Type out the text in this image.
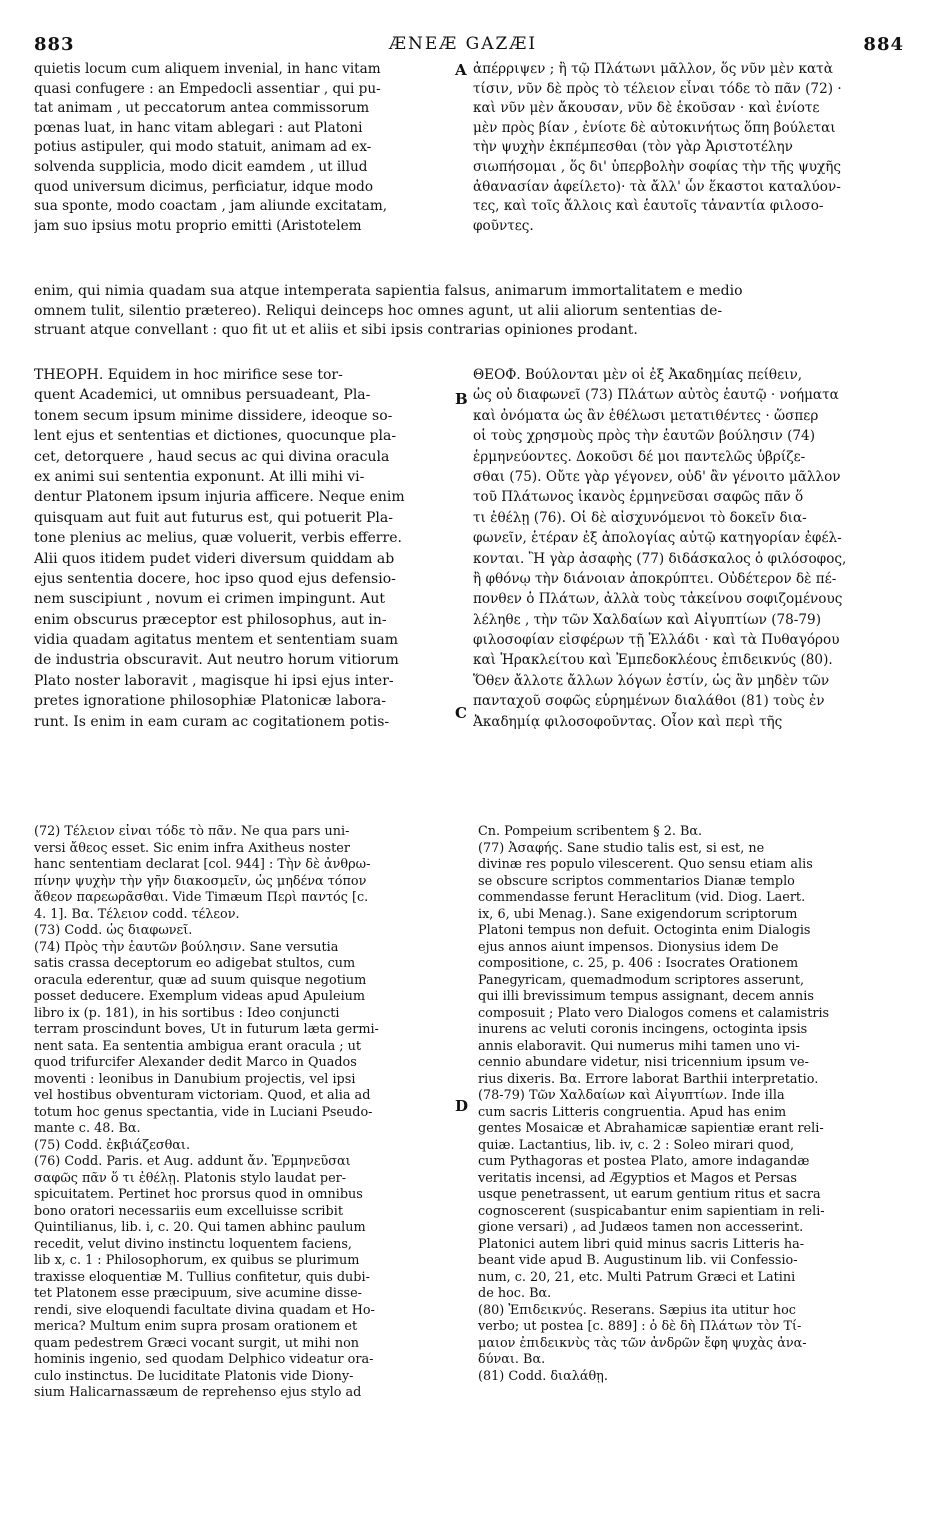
ÆNEÆ GAZÆI
883	884
quietis locum cum aliquem invenial, in hanc vitam
quasi confugere : an Empedocli assentiar , qui pu-
tat animam , ut peccatorum antea commissorum
pœnas luat, in hanc vitam ablegari : aut Platoni
potius astipuler, qui modo statuit, animam ad ex-
solvenda supplicia, modo dicit eamdem , ut illud
quod universum dicimus, perficiatur, idque modo
sua sponte, modo coactam , jam aliunde excitatam,
jam suo ipsius motu proprio emitti (Aristotelem
A ἀπέρριψεν ; ἢ τῷ Πλάτωνι μᾶλλον, ὅς νῦν μὲν κατὰ
τίσιν, νῦν δὲ πρὸς τὸ τέλειον εἶναι τόδε τὸ πᾶν (72) ·
καὶ νῦν μὲν ἄκουσαν, νῦν δὲ ἑκοῦσαν · καὶ ἐνίοτε
μὲν πρὸς βίαν , ἐνίοτε δὲ αὐτοκινήτως ὅπη βούλεται
τὴν ψυχὴν ἐκπέμπεσθαι (τὸν γὰρ Ἀριστοτέλην
σιωπήσομαι , ὅς δι' ὑπερβολὴν σοφίας τὴν τῆς ψυχῆς
ἀθανασίαν ἀφείλετο)· τὰ ἄλλ' ὧν ἕκαστοι καταλύον-
τες, καὶ τοῖς ἄλλοις καὶ ἑαυτοῖς τἀναντία φιλοσο-
φοῦντες.
enim, qui nimia quadam sua atque intemperata sapientia falsus, animarum immortalitatem e medio
omnem tulit, silentio prætereo). Reliqui deinceps hoc omnes agunt, ut alii aliorum sententias de-
struant atque convellant : quo fit ut et aliis et sibi ipsis contrarias opiniones prodant.
THEOPH. Equidem in hoc mirifice sese tor-
quent Academici, ut omnibus persuadeant, Pla-
tonem secum ipsum minime dissidere, ideoque so-
lent ejus et sententias et dictiones, quocunque pla-
cet, detorquere , haud secus ac qui divina oracula
ex animi sui sententia exponunt. At illi mihi vi-
dentur Platonem ipsum injuria afficere. Neque enim
quisquam aut fuit aut futurus est, qui potuerit Pla-
tone plenius ac melius, quæ voluerit, verbis efferre.
Alii quos itidem pudet videri diversum quiddam ab
ejus sententia docere, hoc ipso quod ejus defensio-
nem suscipiunt , novum ei crimen impingunt. Aut
enim obscurus præceptor est philosophus, aut in-
vidia quadam agitatus mentem et sententiam suam
de industria obscuravit. Aut neutro horum vitiorum
Plato noster laboravit , magisque hi ipsi ejus inter-
pretes ignoratione philosophiæ Platonicæ labora-
runt. Is enim in eam curam ac cogitationem potis-
B
ΘΕΟΦ. Βούλονται μὲν οἱ ἐξ Ἀκαδημίας πείθειν,
ὡς οὐ διαφωνεῖ (73) Πλάτων αὐτὸς ἑαυτῷ · νοήματα
καὶ ὀνόματα ὡς ἂν ἐθέλωσι μετατιθέντες · ὥσπερ
οἱ τοὺς χρησμοὺς πρὸς τὴν ἑαυτῶν βούλησιν (74)
ἑρμηνεύοντες. Δοκοῦσι δέ μοι παντελῶς ὑβρίζε-
σθαι (75). Οὔτε γὰρ γέγονεν, οὐδ' ἂν γένοιτο μᾶλλον
τοῦ Πλάτωνος ἱκανὸς ἑρμηνεῦσαι σαφῶς πᾶν ὅ
τι ἐθέλῃ (76). Οἱ δὲ αἰσχυνόμενοι τὸ δοκεῖν δια-
φωνεῖν, ἑτέραν ἐξ ἀπολογίας αὐτῷ κατηγορίαν ἐφέλ-
κονται. Ἢ γὰρ ἀσαφὴς (77) διδάσκαλος ὁ φιλόσοφος,
ἢ φθόνῳ τὴν διάνοιαν ἀποκρύπτει. Οὐδέτερον δὲ πέ-
πονθεν ὁ Πλάτων, ἀλλὰ τοὺς τἀκείνου σοφιζομένους
λέληθε , τὴν τῶν Χαλδαίων καὶ Αἰγυπτίων (78-79)
φιλοσοφίαν εἰσφέρων τῇ Ἑλλάδι · καὶ τὰ Πυθαγόρου
καὶ Ἡρακλείτου καὶ Ἐμπεδοκλέους ἐπιδεικνύς (80).
Ὅθεν ἄλλοτε ἄλλων λόγων ἐστίν, ὡς ἂν μηδὲν τῶν
πανταχοῦ σοφῶς εὑρημένων διαλάθοι (81) τοὺς ἐν
Ἀκαδημίᾳ φιλοσοφοῦντας. Οἷον καὶ περὶ τῆς
C
(72) Τέλειον εἶναι τόδε τὸ πᾶν. Ne qua pars uni-
versi ἄθεος esset. Sic enim infra Axitheus noster
hanc sententiam declarat [col. 944] : Τὴν δὲ ἀνθρω-
πίνην ψυχὴν τὴν γῆν διακοσμεῖν, ὡς μηδένα τόπον
ἄθεον παρεωρᾶσθαι. Vide Timæum Περὶ παντός [c.
4. 1]. Βα. Τέλειον codd. τέλεον.
(73) Codd. ὡς διαφωνεῖ.
(74) Πρὸς τὴν ἑαυτῶν βούλησιν. Sane versutia
satis crassa deceptorum eo adigebat stultos, cum
oracula ederentur, quæ ad suum quisque negotium
posset deducere. Exemplum videas apud Apuleium
libro ix (p. 181), in his sortibus : Ideo conjuncti
terram proscindunt boves, Ut in futurum læta germi-
nent sata. Ea sententia ambigua erant oracula ; ut
quod trifurcifer Alexander dedit Marco in Quados
moventi : leonibus in Danubium projectis, vel ipsi
vel hostibus obventuram victoriam. Quod, et alia ad
totum hoc genus spectantia, vide in Luciani Pseudo-
mante c. 48. Βα.
(75) Codd. ἐκβιάζεσθαι.
(76) Codd. Paris. et Aug. addunt ἄν. Ἑρμηνεῦσαι
σαφῶς πᾶν ὅ τι ἐθέλῃ. Platonis stylo laudat per-
spicuitatem. Pertinet hoc prorsus quod in omnibus
bono oratori necessariis eum excelluisse scribit
Quintilianus, lib. i, c. 20. Qui tamen abhinc paulum
recedit, velut divino instinctu loquentem faciens,
lib x, c. 1 : Philosophorum, ex quibus se plurimum
traxisse eloquentiæ M. Tullius confitetur, quis dubi-
tet Platonem esse præcipuum, sive acumine disse-
rendi, sive eloquendi facultate divina quadam et Ho-
merica? Multum enim supra prosam orationem et
quam pedestrem Græci vocant surgit, ut mihi non
hominis ingenio, sed quodam Delphico videatur ora-
culo instinctus. De luciditate Platonis vide Diony-
sium Halicarnassæum de reprehenso ejus stylo ad
D
Cn. Pompeium scribentem § 2. Βα.
(77) Ἀσαφής. Sane studio talis est, si est, ne
divinæ res populo vilescerent. Quo sensu etiam alis
se obscure scriptos commentarios Dianæ templo
commendasse ferunt Heraclitum (vid. Diog. Laert.
ix, 6, ubi Menag.). Sane exigendorum scriptorum
Platoni tempus non defuit. Octoginta enim Dialogis
ejus annos aiunt impensos. Dionysius idem De
compositione, c. 25, p. 406 : Isocrates Orationem
Panegyricam, quemadmodum scriptores asserunt,
qui illi brevissimum tempus assignant, decem annis
composuit ; Plato vero Dialogos comens et calamistris
inurens ac veluti coronis incingens, octoginta ipsis
annis elaboravit. Qui numerus mihi tamen uno vi-
cennio abundare videtur, nisi tricennium ipsum ve-
rius dixeris. Βα. Errore laborat Barthii interpretatio.
(78-79) Τῶν Χαλδαίων καὶ Αἰγυπτίων. Inde illa
cum sacris Litteris congruentia. Apud has enim
gentes Mosaicæ et Abrahamicæ sapientiæ erant reli-
quiæ. Lactantius, lib. iv, c. 2 : Soleo mirari quod,
cum Pythagoras et postea Plato, amore indagandæ
veritatis incensi, ad Ægyptios et Magos et Persas
usque penetrassent, ut earum gentium ritus et sacra
cognoscerent (suspicabantur enim sapientiam in reli-
gione versari) , ad Judæos tamen non accesserint.
Platonici autem libri quid minus sacris Litteris ha-
beant vide apud B. Augustinum lib. vii Confessio-
num, c. 20, 21, etc. Multi Patrum Græci et Latini
de hoc. Βα.
(80) Ἐπιδεικνύς. Reserans. Sæpius ita utitur hoc
verbo; ut postea [c. 889] : ὁ δὲ δὴ Πλάτων τὸν Τί-
μαιον ἐπιδεικνὺς τὰς τῶν ἀνδρῶν ἔφη ψυχὰς ἀνα-
δύναι. Βα.
(81) Codd. διαλάθῃ.
